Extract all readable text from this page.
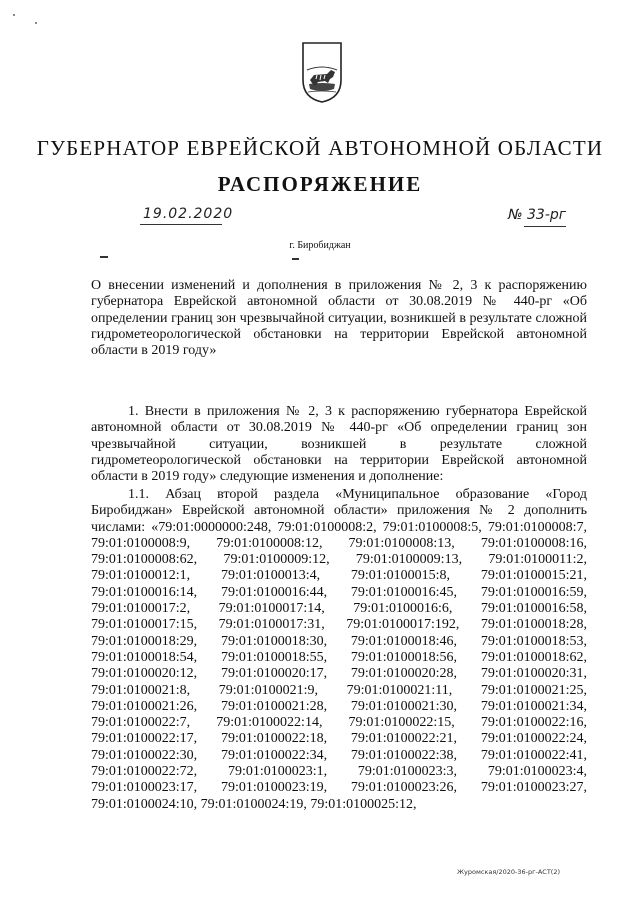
ГУБЕРНАТОР ЕВРЕЙСКОЙ АВТОНОМНОЙ ОБЛАСТИ
РАСПОРЯЖЕНИЕ
19.02.2020	№ 33-рг
г. Биробиджан

О внесении изменений и дополнения в приложения № 2, 3 к распоряжению губернатора Еврейской автономной области от 30.08.2019 № 440-рг «Об определении границ зон чрезвычайной ситуации, возникшей в результате сложной гидрометеорологической обстановки на территории Еврейской автономной области в 2019 году»

1. Внести в приложения № 2, 3 к распоряжению губернатора Еврейской автономной области от 30.08.2019 № 440-рг «Об определении границ зон чрезвычайной ситуации, возникшей в результате сложной гидрометеорологической обстановки на территории Еврейской автономной области в 2019 году» следующие изменения и дополнение:

1.1. Абзац второй раздела «Муниципальное образование «Город Биробиджан» Еврейской автономной области» приложения № 2 дополнить числами: «79:01:0000000:248, 79:01:0100008:2, 79:01:0100008:5, 79:01:0100008:7, 79:01:0100008:9, 79:01:0100008:12, 79:01:0100008:13, 79:01:0100008:16, 79:01:0100008:62, 79:01:0100009:12, 79:01:0100009:13, 79:01:0100011:2, 79:01:0100012:1, 79:01:0100013:4, 79:01:0100015:8, 79:01:0100015:21, 79:01:0100016:14, 79:01:0100016:44, 79:01:0100016:45, 79:01:0100016:59, 79:01:0100017:2, 79:01:0100017:14, 79:01:0100016:6, 79:01:0100016:58, 79:01:0100017:15, 79:01:0100017:31, 79:01:0100017:192, 79:01:0100018:28, 79:01:0100018:29, 79:01:0100018:30, 79:01:0100018:46, 79:01:0100018:53, 79:01:0100018:54, 79:01:0100018:55, 79:01:0100018:56, 79:01:0100018:62, 79:01:0100020:12, 79:01:0100020:17, 79:01:0100020:28, 79:01:0100020:31, 79:01:0100021:8, 79:01:0100021:9, 79:01:0100021:11, 79:01:0100021:25, 79:01:0100021:26, 79:01:0100021:28, 79:01:0100021:30, 79:01:0100021:34, 79:01:0100022:7, 79:01:0100022:14, 79:01:0100022:15, 79:01:0100022:16, 79:01:0100022:17, 79:01:0100022:18, 79:01:0100022:21, 79:01:0100022:24, 79:01:0100022:30, 79:01:0100022:34, 79:01:0100022:38, 79:01:0100022:41, 79:01:0100022:72, 79:01:0100023:1, 79:01:0100023:3, 79:01:0100023:4, 79:01:0100023:17, 79:01:0100023:19, 79:01:0100023:26, 79:01:0100023:27, 79:01:0100024:10, 79:01:0100024:19, 79:01:0100025:12,

Журомская/2020-36-рг-АСТ(2)
